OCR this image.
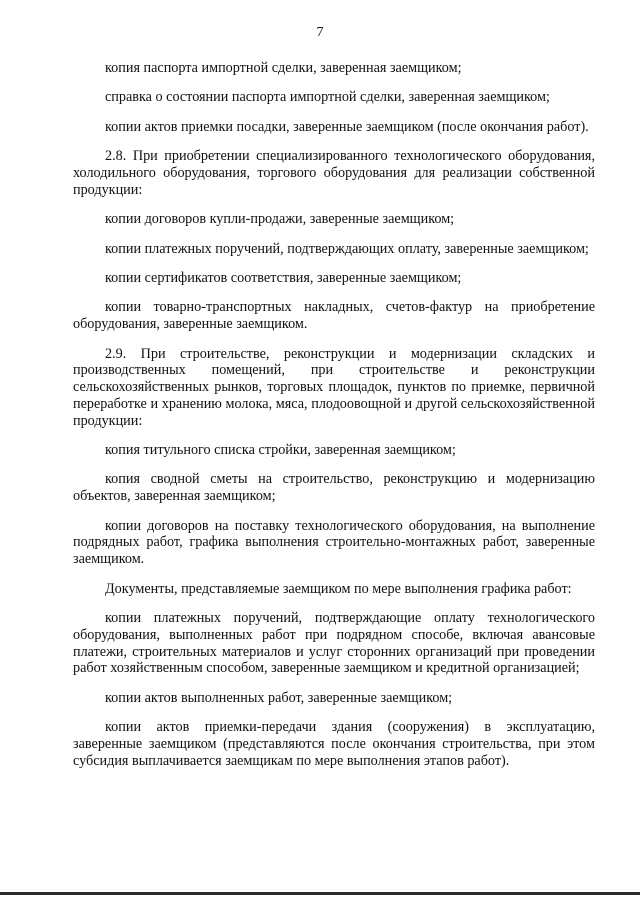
7

копия паспорта импортной сделки, заверенная заемщиком;

справка о состоянии паспорта импортной сделки, заверенная заемщиком;

копии актов приемки посадки, заверенные заемщиком (после окончания работ).

2.8. При приобретении специализированного технологического оборудования, холодильного оборудования, торгового оборудования для реализации собственной продукции:

копии договоров купли-продажи, заверенные заемщиком;

копии платежных поручений, подтверждающих оплату, заверенные заемщиком;

копии сертификатов соответствия, заверенные заемщиком;

копии товарно-транспортных накладных, счетов-фактур на приобретение оборудования, заверенные заемщиком.

2.9. При строительстве, реконструкции и модернизации складских и производственных помещений, при строительстве и реконструкции сельскохозяйственных рынков, торговых площадок, пунктов по приемке, первичной переработке и хранению молока, мяса, плодоовощной и другой сельскохозяйственной продукции:

копия титульного списка стройки, заверенная заемщиком;

копия сводной сметы на строительство, реконструкцию и модернизацию объектов, заверенная заемщиком;

копии договоров на поставку технологического оборудования, на выполнение подрядных работ, графика выполнения строительно-монтажных работ, заверенные заемщиком.

Документы, представляемые заемщиком по мере выполнения графика работ:

копии платежных поручений, подтверждающие оплату технологического оборудования, выполненных работ при подрядном способе, включая авансовые платежи, строительных материалов и услуг сторонних организаций при проведении работ хозяйственным способом, заверенные заемщиком и кредитной организацией;

копии актов выполненных работ, заверенные заемщиком;

копии актов приемки-передачи здания (сооружения) в эксплуатацию, заверенные заемщиком (представляются после окончания строительства, при этом субсидия выплачивается заемщикам по мере выполнения этапов работ).
